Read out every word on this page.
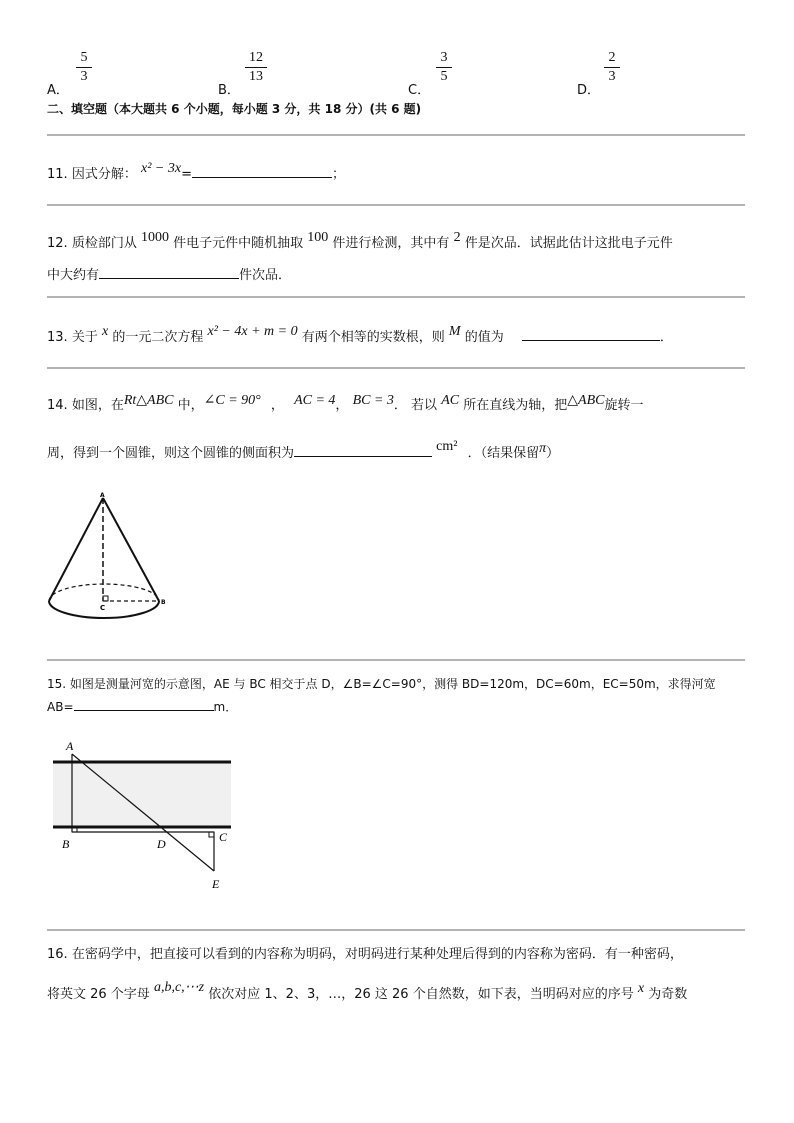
A．
5
3
B．
12
13
C．
3
5
D．
2
3
二、填空题（本大题共 6 个小题，每小题 3 分，共 18 分）(共 6 题)
11. 因式分解： x² − 3x=	；
12. 质检部门从 1000 件电子元件中随机抽取 100 件进行检测，其中有 2 件是次品．试据此估计这批电子元件
中大约有	件次品．
13. 关于 x 的一元二次方程 x² − 4x + m = 0 有两个相等的实数根，则 M 的值为	．
14. 如图，在Rt△ABC 中，∠C = 90° ， AC = 4， BC = 3． 若以 AC 所在直线为轴，把△ABC旋转一
周，得到一个圆锥，则这个圆锥的侧面积为	cm² ．（结果保留π）
A
C
B
15. 如图是测量河宽的示意图，AE 与 BC 相交于点 D，∠B=∠C=90°，测得 BD=120m，DC=60m，EC=50m，求得河宽
AB=	m．
A
B	D	C
E
16. 在密码学中，把直接可以看到的内容称为明码，对明码进行某种处理后得到的内容称为密码．有一种密码，
将英文 26 个字母 a,b,c,⋯z 依次对应 1、2、3，…，26 这 26 个自然数，如下表，当明码对应的序号 x 为奇数
